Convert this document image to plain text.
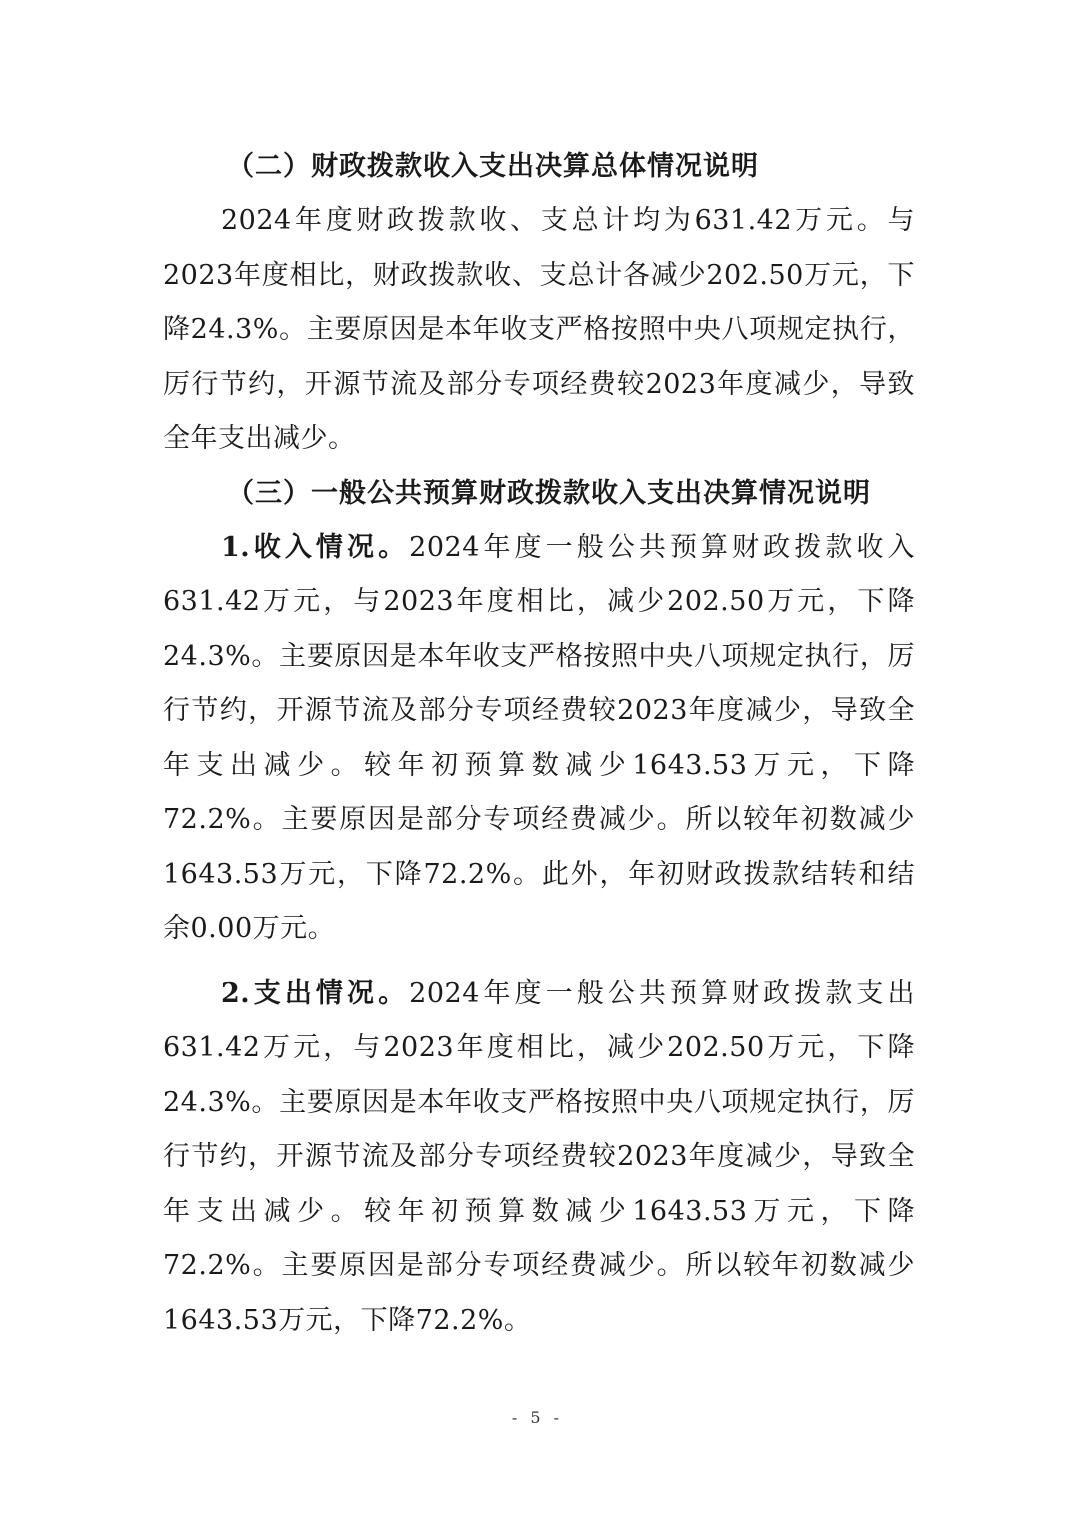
（二）财政拨款收入支出决算总体情况说明

2024年度财政拨款收、支总计均为631.42万元。与2023年度相比，财政拨款收、支总计各减少202.50万元，下降24.3%。主要原因是本年收支严格按照中央八项规定执行，厉行节约，开源节流及部分专项经费较2023年度减少，导致全年支出减少。

（三）一般公共预算财政拨款收入支出决算情况说明

1.收入情况。2024年度一般公共预算财政拨款收入631.42万元，与2023年度相比，减少202.50万元，下降24.3%。主要原因是本年收支严格按照中央八项规定执行，厉行节约，开源节流及部分专项经费较2023年度减少，导致全年支出减少。较年初预算数减少1643.53万元，下降72.2%。主要原因是部分专项经费减少。所以较年初数减少1643.53万元，下降72.2%。此外，年初财政拨款结转和结余0.00万元。

2.支出情况。2024年度一般公共预算财政拨款支出631.42万元，与2023年度相比，减少202.50万元，下降24.3%。主要原因是本年收支严格按照中央八项规定执行，厉行节约，开源节流及部分专项经费较2023年度减少，导致全年支出减少。较年初预算数减少1643.53万元，下降72.2%。主要原因是部分专项经费减少。所以较年初数减少1643.53万元，下降72.2%。

- 5 -
